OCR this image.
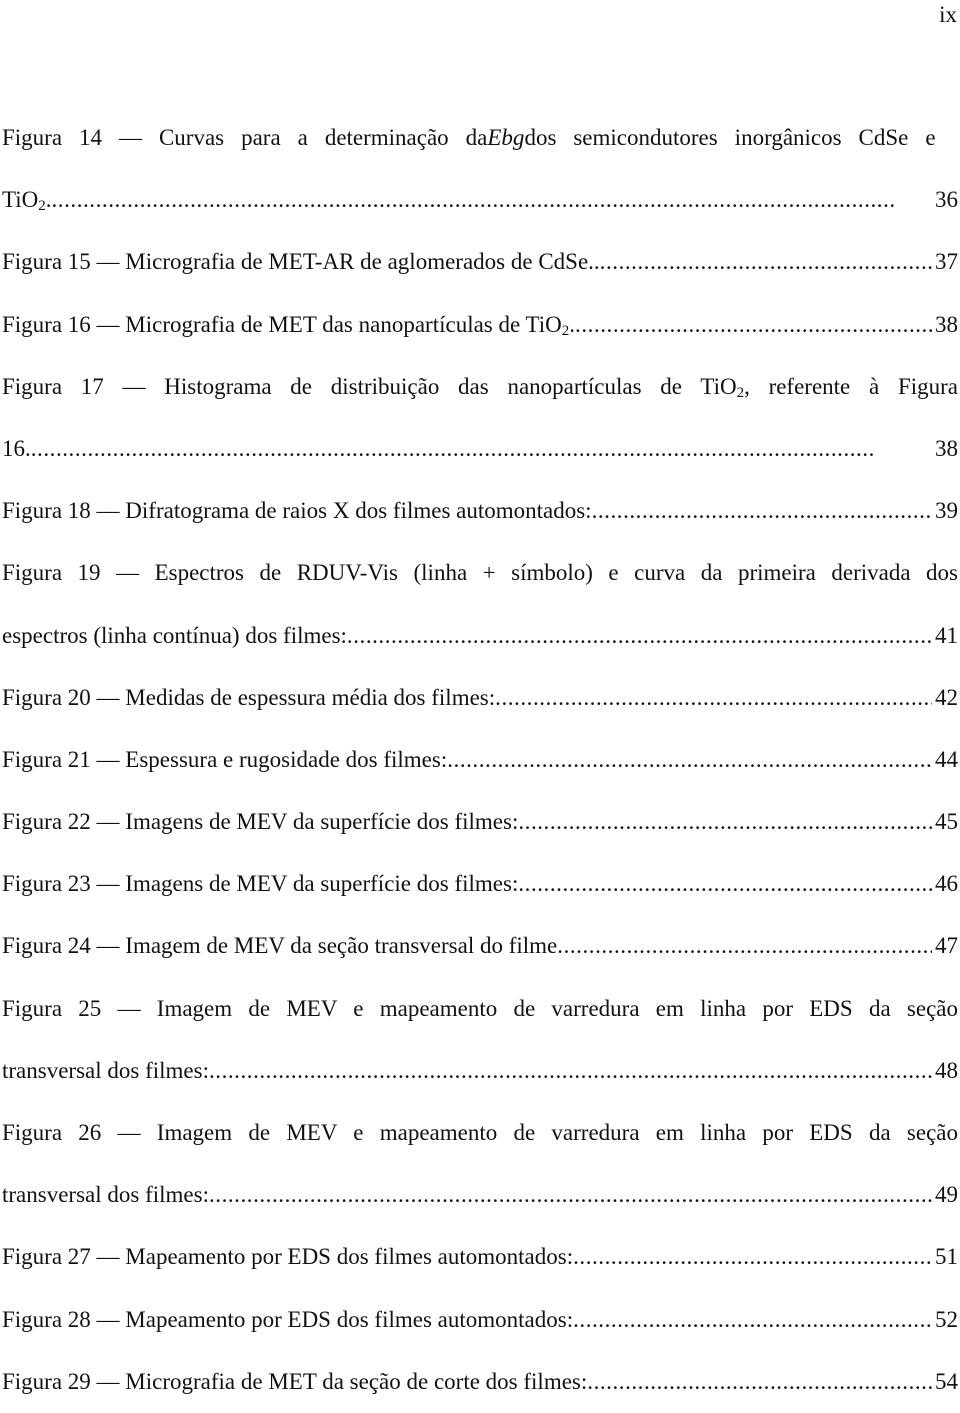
ix
Figura 14 — Curvas para a determinação daEbgdos semicondutores inorgânicos CdSe e
TiO$_2$. . . .	36
Figura 15 — Micrografia de MET-AR de aglomerados de CdSe.. . . .	37
Figura 16 — Micrografia de MET das nanopartículas de TiO$_2$. . . .	38
Figura 17 — Histograma de distribuição das nanopartículas de TiO$_2$, referente à Figura
16. . . .	38
Figura 18 — Difratograma de raios X dos filmes automontados: . . .	39
Figura 19 — Espectros de RDUV-Vis (linha + símbolo) e curva da primeira derivada dos
espectros (linha contínua) dos filmes: . . .	41
Figura 20 — Medidas de espessura média dos filmes: . . .	42
Figura 21 — Espessura e rugosidade dos filmes: . . .	44
Figura 22 — Imagens de MEV da superfície dos filmes: . . .	45
Figura 23 — Imagens de MEV da superfície dos filmes: . . .	46
Figura 24 — Imagem de MEV da seção transversal do filme . . .	47
Figura 25 — Imagem de MEV e mapeamento de varredura em linha por EDS da seção
transversal dos filmes: . . .	48
Figura 26 — Imagem de MEV e mapeamento de varredura em linha por EDS da seção
transversal dos filmes: . . .	49
Figura 27 — Mapeamento por EDS dos filmes automontados: . . .	51
Figura 28 — Mapeamento por EDS dos filmes automontados: . . .	52
Figura 29 — Micrografia de MET da seção de corte dos filmes: . . .	54
